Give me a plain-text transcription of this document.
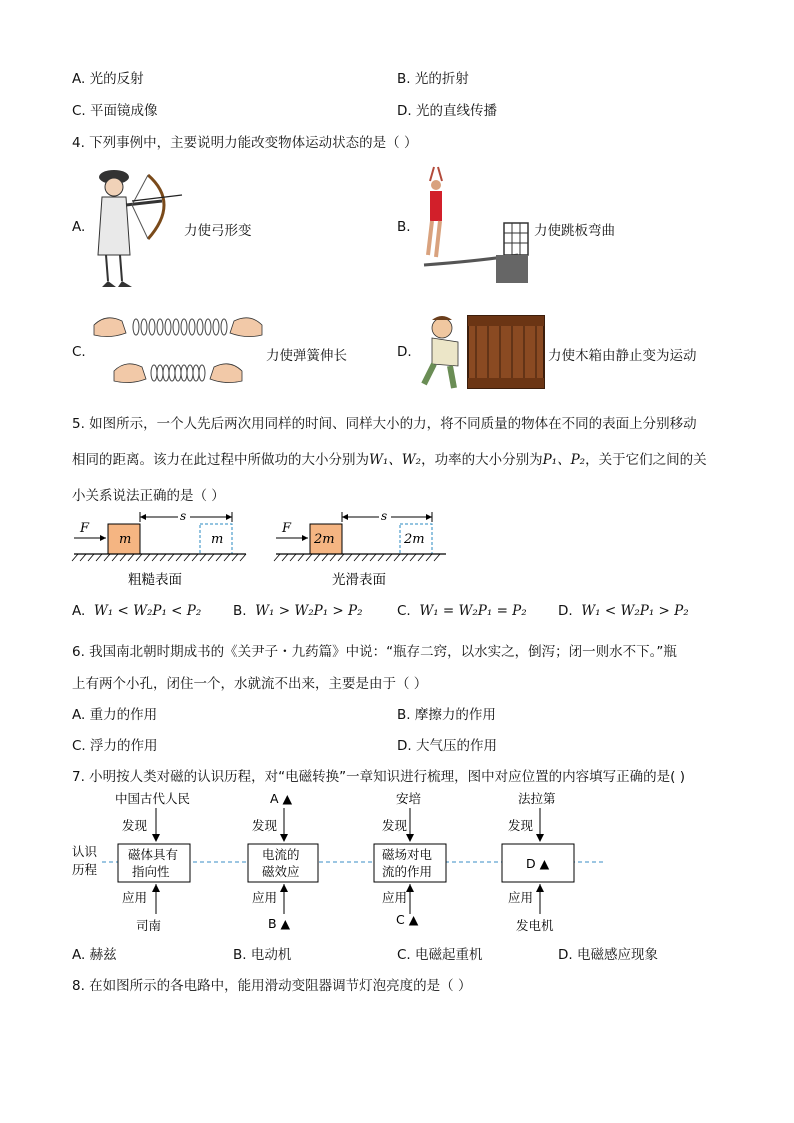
A. 光的反射	B. 光的折射
C. 平面镜成像	D. 光的直线传播
4. 下列事例中，主要说明力能改变物体运动状态的是（ ）
A.	力使弓形变	B.	力使跳板弯曲
C.	力使弹簧伸长	D.	力使木箱由静止变为运动
5. 如图所示，一个人先后两次用同样的时间、同样大小的力，将不同质量的物体在不同的表面上分别移动
相同的距离。该力在此过程中所做功的大小分别为W₁、W₂，功率的大小分别为P₁、P₂，关于它们之间的关
小关系说法正确的是（ ）
F
m	m
s
粗糙表面
F
2m	2m
s
光滑表面
A. W₁ < W₂P₁ < P₂ B. W₁ > W₂P₁ > P₂	C. W₁ = W₂P₁ = P₂ D. W₁ < W₂P₁ > P₂
6. 我国南北朝时期成书的《关尹子・九药篇》中说：“瓶存二窍，以水实之，倒泻；闭一则水不下。”瓶
上有两个小孔，闭住一个，水就流不出来，主要是由于（ ）
A. 重力的作用	B. 摩擦力的作用
C. 浮力的作用	D. 大气压的作用
7. 小明按人类对磁的认识历程，对“电磁转换”一章知识进行梳理，图中对应位置的内容填写正确的是( )
认识
历程
中国古代人民
发现
磁体具有
指向性
应用
司南
A ▲
发现
电流的
磁效应
应用
B ▲
安培
发现
磁场对电
流的作用
应用
C ▲
法拉第
发现
D ▲
应用
发电机
A. 赫兹	B. 电动机	C. 电磁起重机	D. 电磁感应现象
8. 在如图所示的各电路中，能用滑动变阻器调节灯泡亮度的是（ ）
